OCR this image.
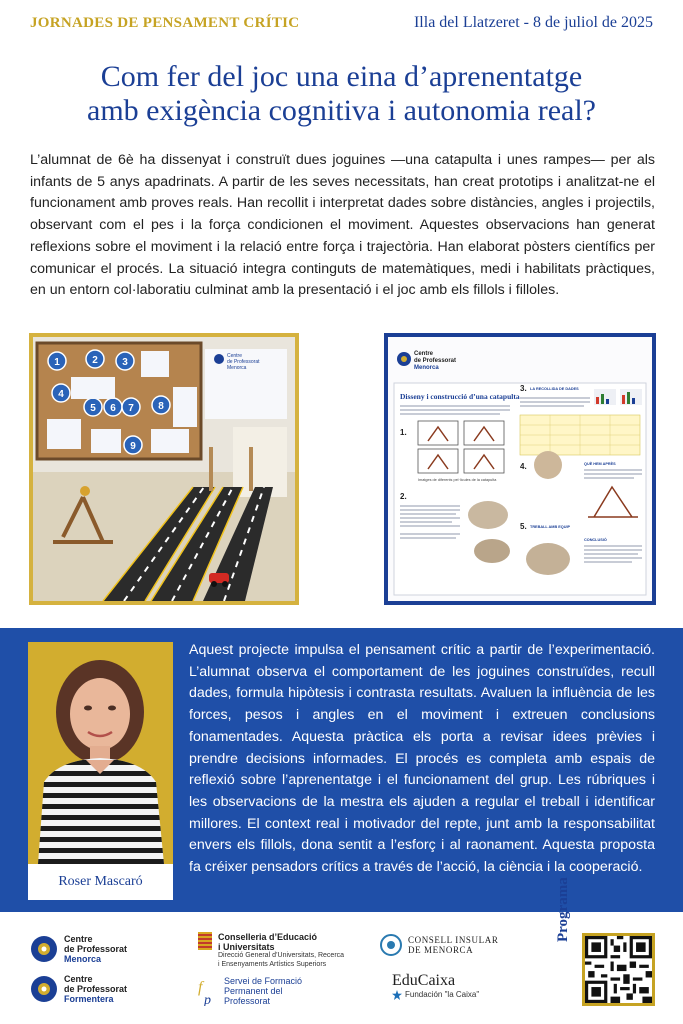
JORNADES DE PENSAMENT CRÍTIC	Illa del Llatzeret - 8 de juliol de 2025
Com fer del joc una eina d’aprenentatge
amb exigència cognitiva i autonomia real?

L’alumnat de 6è ha dissenyat i construït dues joguines —una catapulta i unes rampes— per als infants de 5 anys apadrinats. A partir de les seves necessitats, han creat prototips i analitzat-ne el funcionament amb proves reals. Han recollit i interpretat dades sobre distàncies, angles i projectils, observant com el pes i la força condicionen el moviment. Aquestes observacions han generat reflexions sobre el moviment i la relació entre força i trajectòria. Han elaborat pòsters científics per comunicar el procés. La situació integra continguts de matemàtiques, medi i habilitats pràctiques, en un entorn col·laboratiu culminat amb la presentació i el joc amb els fillols i filloles.

1	2 3
4
5 6 7 8
9
Centre
de Professorat
Menorca
Centre
de Professorat
Menorca
Disseny i construcció d’una catapulta
1.
Imatges de diferents pel·lícules de la catapulta
2.
3. LA RECOLLIDA DE DADES
4.	QUÈ HEM APRÈS
5. TREBALL AMB EQUIP
CONCLUSIÓ
Roser Mascaró

Aquest projecte impulsa el pensament crític a partir de l’experimentació. L’alumnat observa el comportament de les joguines construïdes, recull dades, formula hipòtesis i contrasta resultats. Avaluen la influència de les forces, pesos i angles en el moviment i extreuen conclusions fonamentades. Aquesta pràctica els porta a revisar idees prèvies i prendre decisions informades. El procés es completa amb espais de reflexió sobre l’aprenentatge i el funcionament del grup. Les rúbriques i les observacions de la mestra els ajuden a regular el treball i identificar millores. El context real i motivador del repte, junt amb la responsabilitat envers els fillols, dona sentit a l’esforç i al raonament. Aquesta proposta fa créixer pensadors crítics a través de l’acció, la ciència i la cooperació.

Centre
de Professorat
Menorca
Centre
de Professorat
Formentera
Conselleria d’Educació
i Universitats
Direcció General d’Universitats, Recerca
i Ensenyaments Artístics Superiors
f
p
Servei de Formació
Permanent del
Professorat
CONSELL INSULAR
DE MENORCA
EduCaixa
Fundación "la Caixa"
Programa
